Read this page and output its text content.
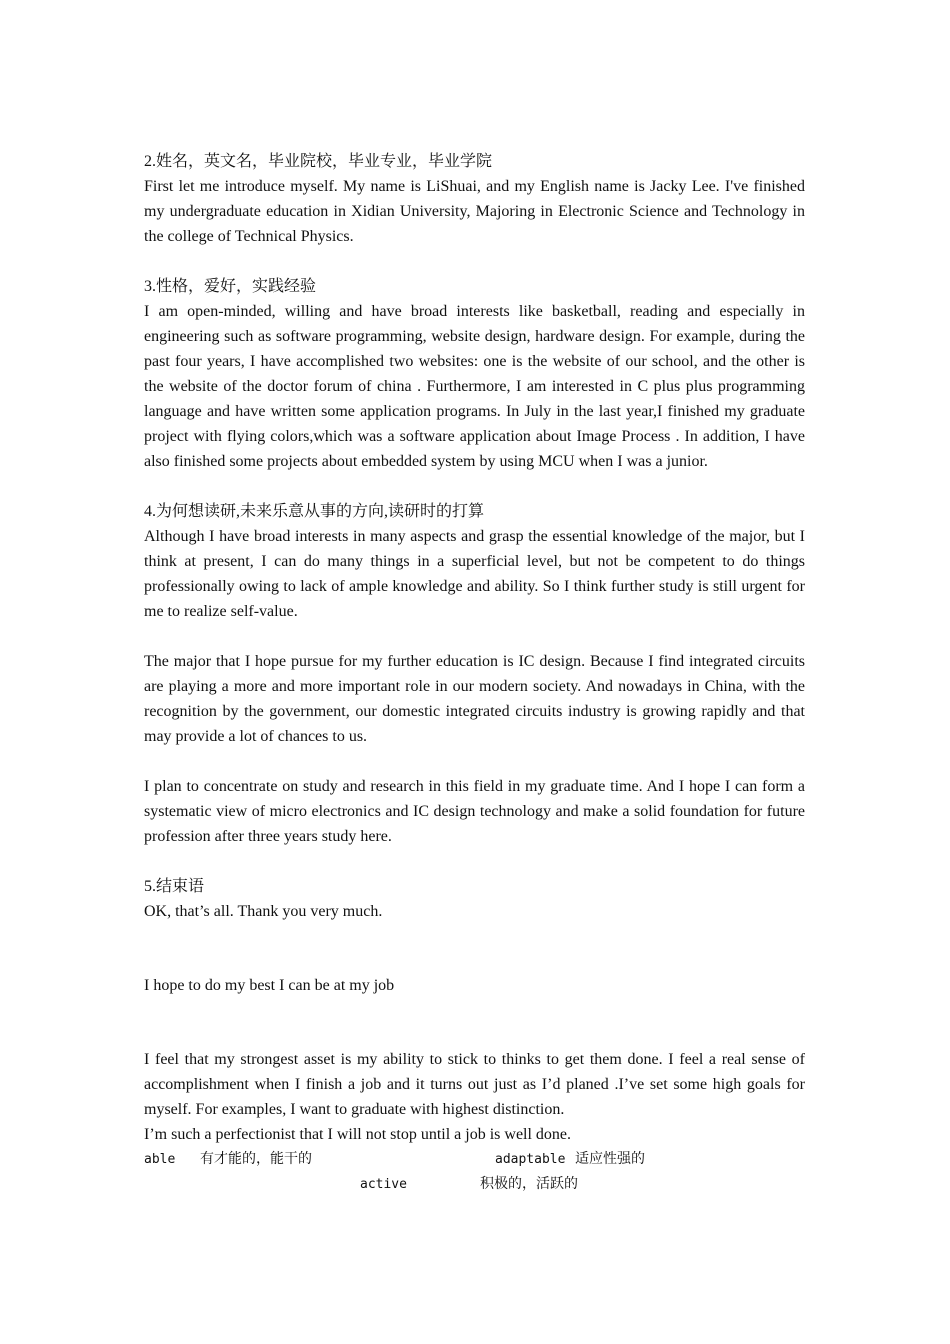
2.姓名，英文名，毕业院校，毕业专业，毕业学院

First let me introduce myself. My name is LiShuai, and my English name is Jacky Lee. I've finished my undergraduate education in Xidian University, Majoring in Electronic Science and Technology in the college of Technical Physics.

3.性格，爱好，实践经验

I am open-minded, willing and have broad interests like basketball, reading and especially in engineering such as software programming, website design, hardware design. For example, during the past four years, I have accomplished two websites: one is the website of our school, and the other is the website of the doctor forum of china . Furthermore, I am interested in C plus plus programming language and have written some application programs. In July in the last year,I finished my graduate project with flying colors,which was a software application about Image Process . In addition, I have also finished some projects about embedded system by using MCU when I was a junior.

4.为何想读研,未来乐意从事的方向,读研时的打算

Although I have broad interests in many aspects and grasp the essential knowledge of the major, but I think at present, I can do many things in a superficial level, but not be competent to do things professionally owing to lack of ample knowledge and ability. So I think further study is still urgent for me to realize self-value.

The major that I hope pursue for my further education is IC design. Because I find integrated circuits are playing a more and more important role in our modern society. And nowadays in China, with the recognition by the government, our domestic integrated circuits industry is growing rapidly and that may provide a lot of chances to us.

I plan to concentrate on study and research in this field in my graduate time. And I hope I can form a systematic view of micro electronics and IC design technology and make a solid foundation for future profession after three years study here.

5.结束语

OK, that’s all. Thank you very much.

I hope to do my best I can be at my job

I feel that my strongest asset is my ability to stick to thinks to get them done. I feel a real sense of accomplishment when I finish a job and it turns out just as I’d planed .I’ve set some high goals for myself. For examples, I want to graduate with highest distinction.

I’m such a perfectionist that I will not stop until a job is well done.

able 有才能的，能干的	adaptable 适应性强的
active	积极的，活跃的
